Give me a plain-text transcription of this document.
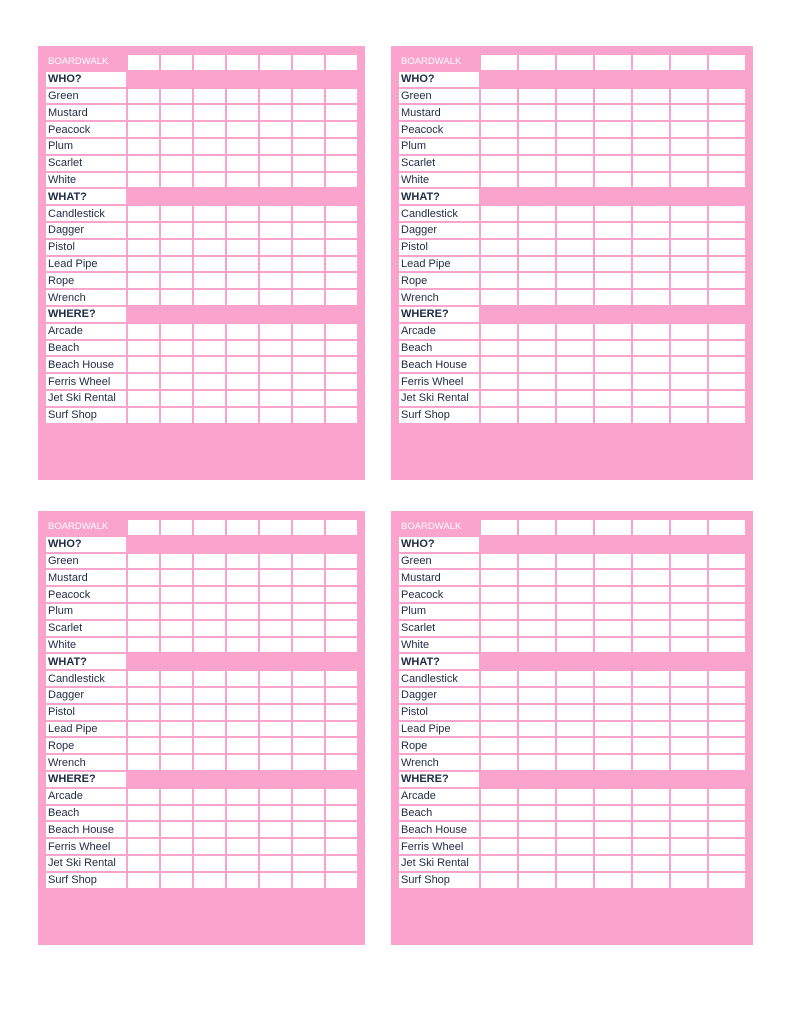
BOARDWALK							
WHO?							
Green							
Mustard							
Peacock							
Plum							
Scarlet							
White							
WHAT?							
Candlestick							
Dagger							
Pistol							
Lead Pipe							
Rope							
Wrench							
WHERE?							
Arcade							
Beach							
Beach House							
Ferris Wheel							
Jet Ski Rental							
Surf Shop							
BOARDWALK							
WHO?							
Green							
Mustard							
Peacock							
Plum							
Scarlet							
White							
WHAT?							
Candlestick							
Dagger							
Pistol							
Lead Pipe							
Rope							
Wrench							
WHERE?							
Arcade							
Beach							
Beach House							
Ferris Wheel							
Jet Ski Rental							
Surf Shop							
BOARDWALK							
WHO?							
Green							
Mustard							
Peacock							
Plum							
Scarlet							
White							
WHAT?							
Candlestick							
Dagger							
Pistol							
Lead Pipe							
Rope							
Wrench							
WHERE?							
Arcade							
Beach							
Beach House							
Ferris Wheel							
Jet Ski Rental							
Surf Shop							
BOARDWALK							
WHO?							
Green							
Mustard							
Peacock							
Plum							
Scarlet							
White							
WHAT?							
Candlestick							
Dagger							
Pistol							
Lead Pipe							
Rope							
Wrench							
WHERE?							
Arcade							
Beach							
Beach House							
Ferris Wheel							
Jet Ski Rental							
Surf Shop							
